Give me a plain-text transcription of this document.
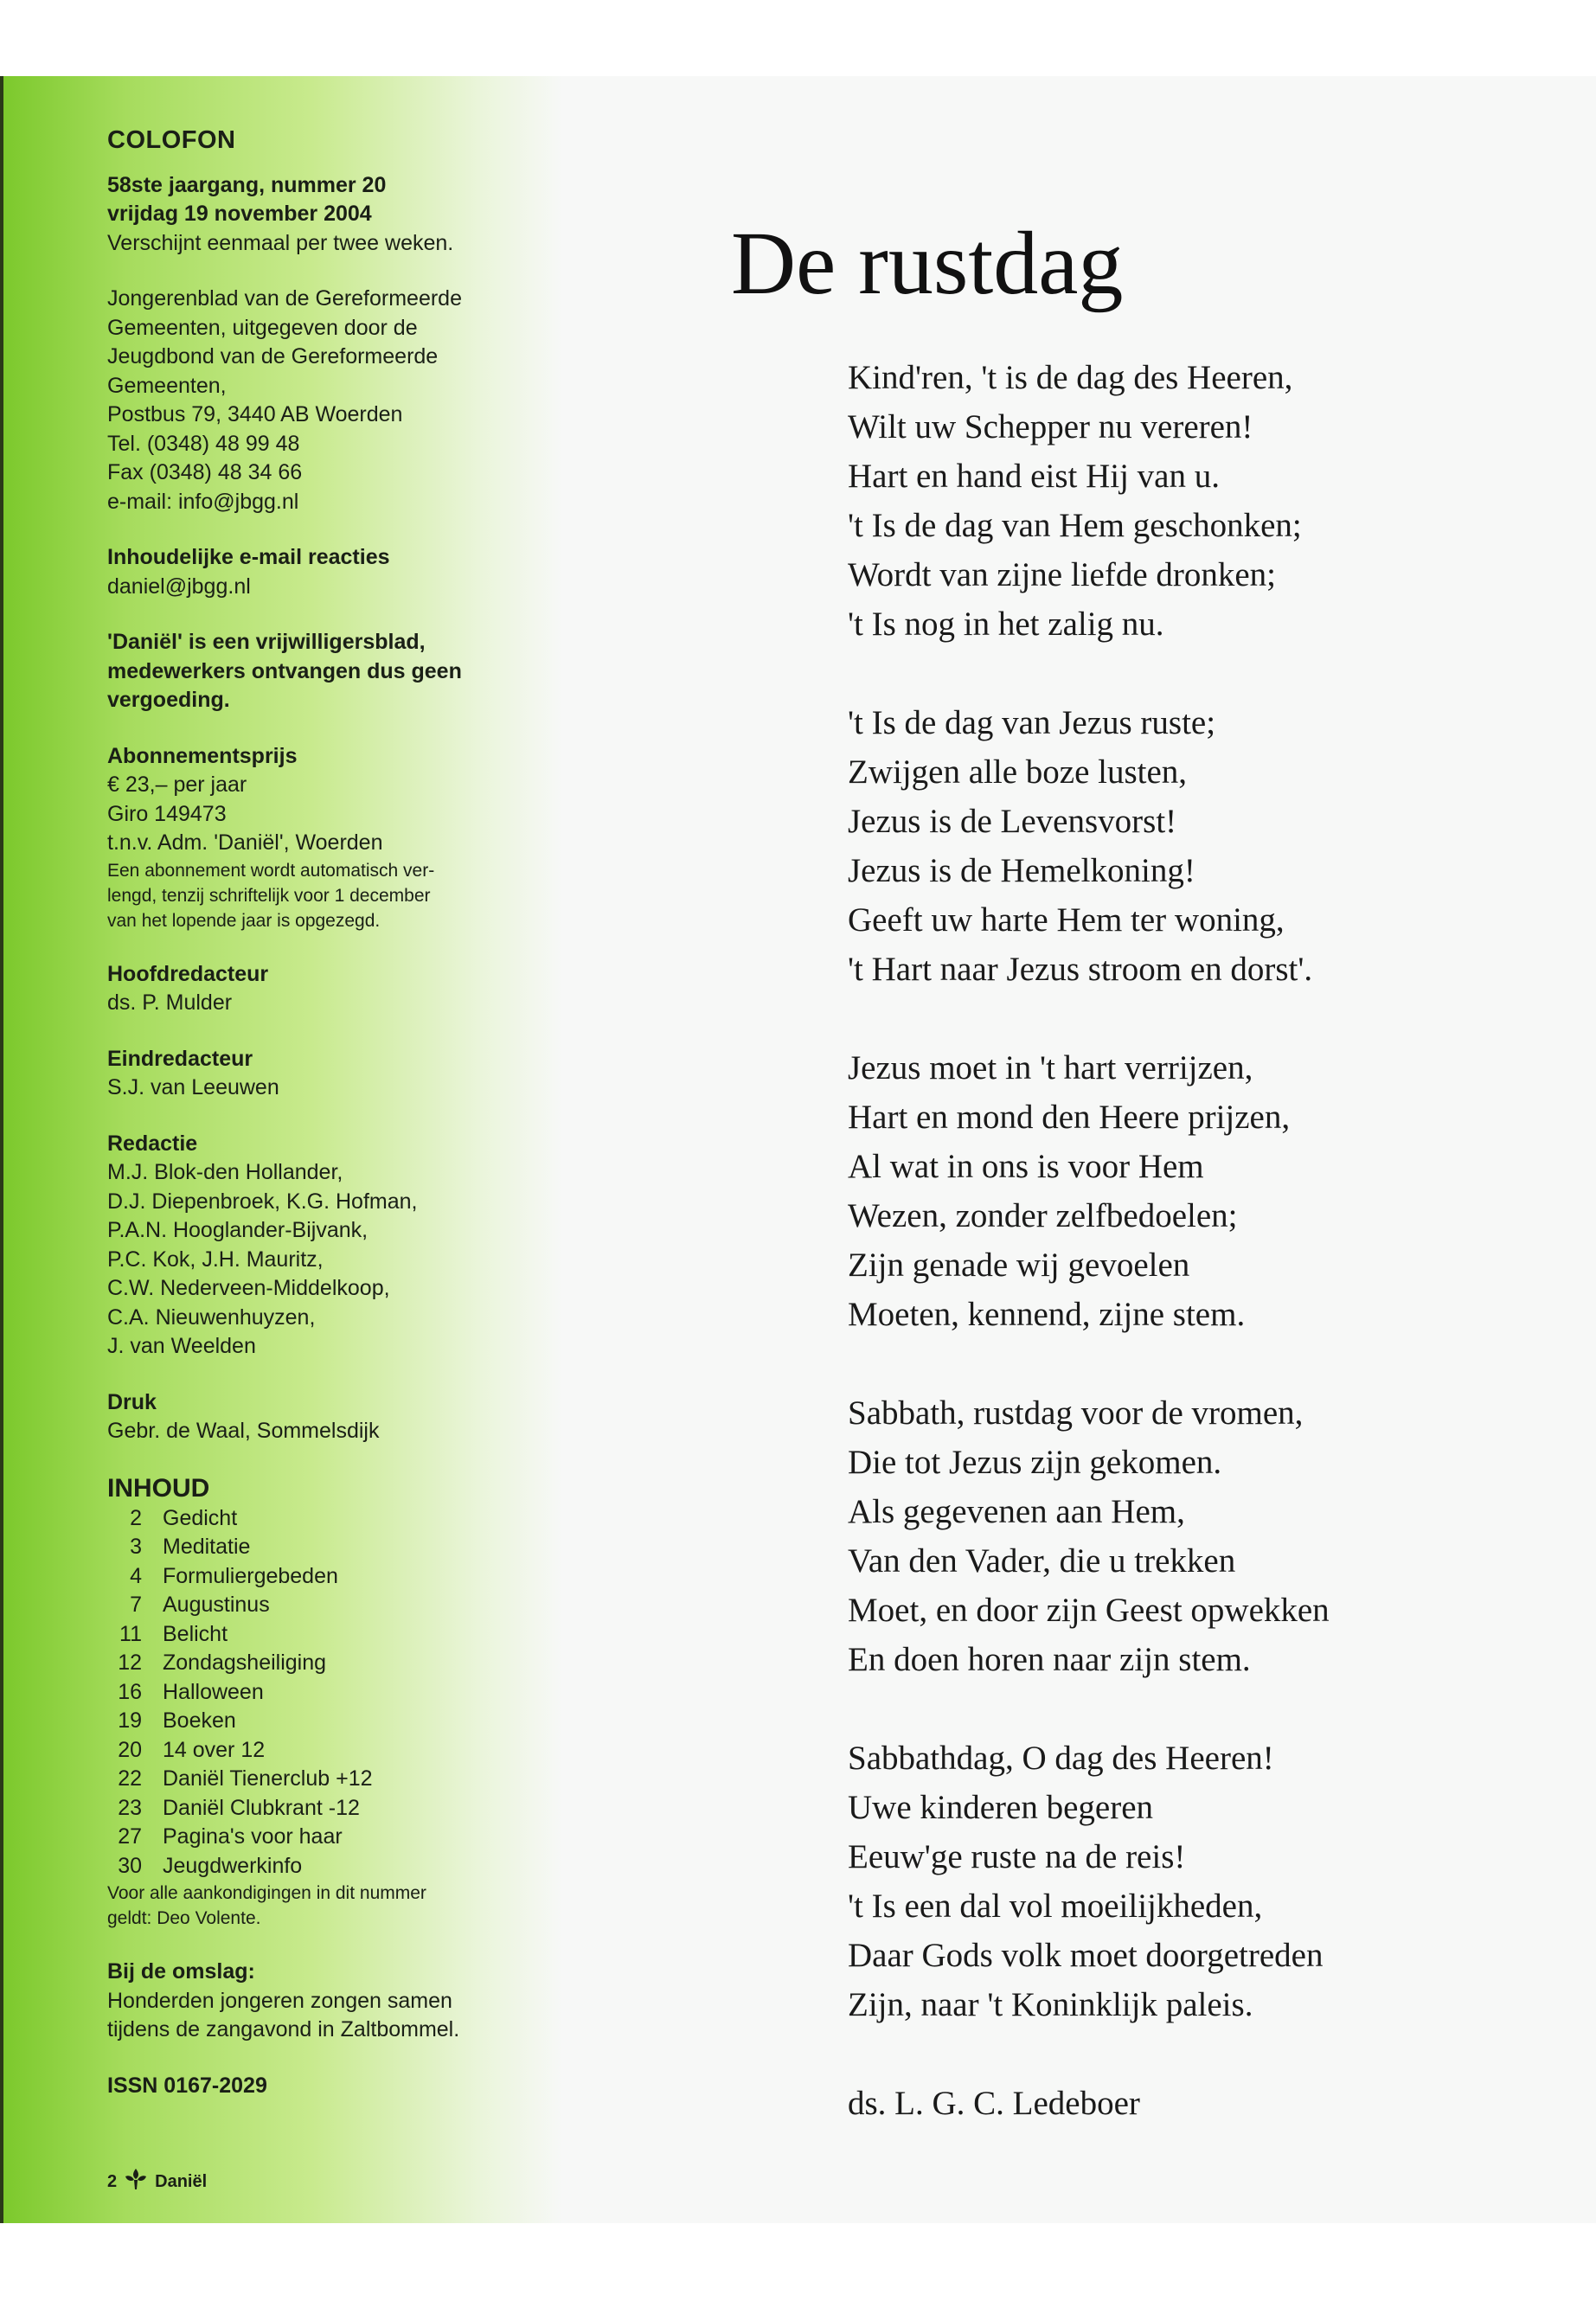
COLOFON
58ste jaargang, nummer 20
vrijdag 19 november 2004
Verschijnt eenmaal per twee weken.
Jongerenblad van de Gereformeerde
Gemeenten, uitgegeven door de
Jeugdbond van de Gereformeerde
Gemeenten,
Postbus 79, 3440 AB Woerden
Tel. (0348) 48 99 48
Fax (0348) 48 34 66
e-mail: info@jbgg.nl
Inhoudelijke e-mail reacties
daniel@jbgg.nl
'Daniël' is een vrijwilligersblad,
medewerkers ontvangen dus geen
vergoeding.
Abonnementsprijs
€ 23,– per jaar
Giro 149473
t.n.v. Adm. 'Daniël', Woerden
Een abonnement wordt automatisch ver-
lengd, tenzij schriftelijk voor 1 december
van het lopende jaar is opgezegd.
Hoofdredacteur
ds. P. Mulder
Eindredacteur
S.J. van Leeuwen
Redactie
M.J. Blok-den Hollander,
D.J. Diepenbroek, K.G. Hofman,
P.A.N. Hooglander-Bijvank,
P.C. Kok, J.H. Mauritz,
C.W. Nederveen-Middelkoop,
C.A. Nieuwenhuyzen,
J. van Weelden
Druk
Gebr. de Waal, Sommelsdijk
INHOUD
2 Gedicht
3 Meditatie
4 Formuliergebeden
7 Augustinus
11 Belicht
12 Zondagsheiliging
16 Halloween
19 Boeken
20 14 over 12
22 Daniël Tienerclub +12
23 Daniël Clubkrant -12
27 Pagina's voor haar
30 Jeugdwerkinfo
Voor alle aankondigingen in dit nummer
geldt: Deo Volente.
Bij de omslag:
Honderden jongeren zongen samen
tijdens de zangavond in Zaltbommel.
ISSN 0167-2029
2 Daniël
De rustdag
Kind'ren, 't is de dag des Heeren,
Wilt uw Schepper nu vereren!
Hart en hand eist Hij van u.
't Is de dag van Hem geschonken;
Wordt van zijne liefde dronken;
't Is nog in het zalig nu.
't Is de dag van Jezus ruste;
Zwijgen alle boze lusten,
Jezus is de Levensvorst!
Jezus is de Hemelkoning!
Geeft uw harte Hem ter woning,
't Hart naar Jezus stroom en dorst'.
Jezus moet in 't hart verrijzen,
Hart en mond den Heere prijzen,
Al wat in ons is voor Hem
Wezen, zonder zelfbedoelen;
Zijn genade wij gevoelen
Moeten, kennend, zijne stem.
Sabbath, rustdag voor de vromen,
Die tot Jezus zijn gekomen.
Als gegevenen aan Hem,
Van den Vader, die u trekken
Moet, en door zijn Geest opwekken
En doen horen naar zijn stem.
Sabbathdag, O dag des Heeren!
Uwe kinderen begeren
Eeuw'ge ruste na de reis!
't Is een dal vol moeilijkheden,
Daar Gods volk moet doorgetreden
Zijn, naar 't Koninklijk paleis.
ds. L. G. C. Ledeboer
